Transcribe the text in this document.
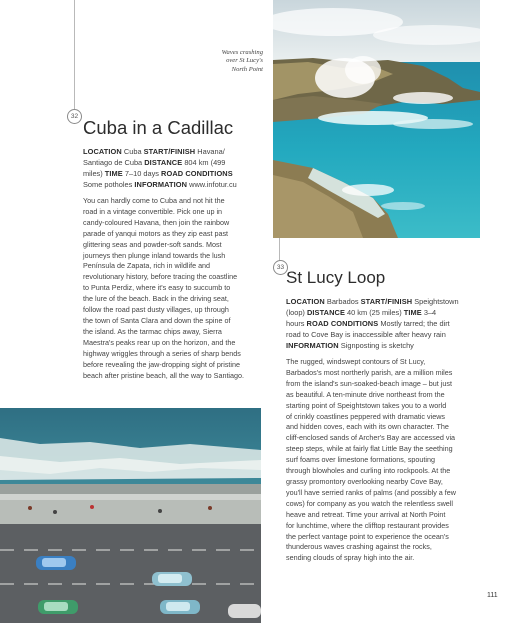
Waves crashing
over St Lucy's
North Point
32
Cuba in a Cadillac
LOCATION Cuba START/FINISH Havana/
Santiago de Cuba DISTANCE 804 km (499
miles) TIME 7–10 days ROAD CONDITIONS
Some potholes INFORMATION www.infotur.cu

You can hardly come to Cuba and not hit the

road in a vintage convertible. Pick one up in

candy-coloured Havana, then join the rainbow

parade of yanqui motors as they zip east past

glittering seas and powder-soft sands. Most

journeys then plunge inland towards the lush

Península de Zapata, rich in wildlife and

revolutionary history, before tracing the coastline

to Punta Perdiz, where it's easy to succumb to

the lure of the beach. Back in the driving seat,

follow the road past dusty villages, up through

the town of Santa Clara and down the spine of

the island. As the tarmac chips away, Sierra

Maestra's peaks rear up on the horizon, and the

highway wriggles through a series of sharp bends

before revealing the jaw-dropping sight of pristine

beach after pristine beach, all the way to Santiago.

33
St Lucy Loop
LOCATION Barbados START/FINISH Speightstown
(loop) DISTANCE 40 km (25 miles) TIME 3–4
hours ROAD CONDITIONS Mostly tarred; the dirt
road to Cove Bay is inaccessible after heavy rain
INFORMATION Signposting is sketchy

The rugged, windswept contours of St Lucy,

Barbados's most northerly parish, are a million miles

from the island's sun-soaked-beach image – but just

as beautiful. A ten-minute drive northeast from the

starting point of Speightstown takes you to a world

of crinkly coastlines peppered with dramatic views

and hidden coves, each with its own character. The

cliff-enclosed sands of Archer's Bay are accessed via

steep steps, while at fairly flat Little Bay the seething

surf foams over limestone formations, spouting

through blowholes and curling into rockpools. At the

grassy promontory overlooking nearby Cove Bay,

you'll have serried ranks of palms (and possibly a few

cows) for company as you watch the relentless swell

heave and retreat. Time your arrival at North Point

for lunchtime, where the clifftop restaurant provides

the perfect vantage point to experience the ocean's

thunderous waves crashing against the rocks,

sending clouds of spray high into the air.

111
